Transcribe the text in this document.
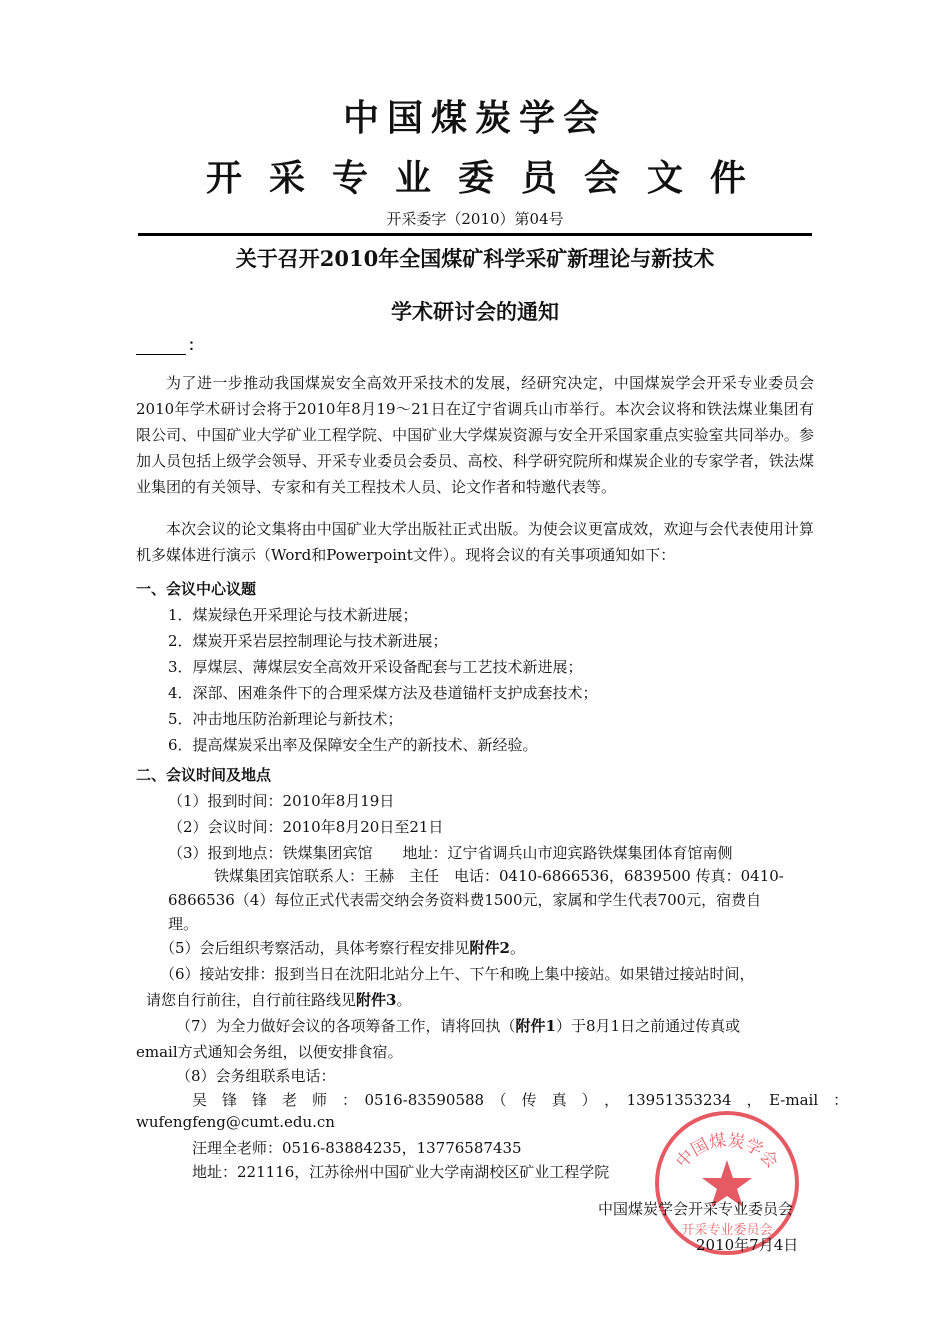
中国煤炭学会
开 采 专 业 委 员 会 文 件
开采委字（2010）第04号
关于召开2010年全国煤矿科学采矿新理论与新技术
学术研讨会的通知
：
为了进一步推动我国煤炭安全高效开采技术的发展，经研究决定，中国煤炭学会开采专业委员会2010年学术研讨会将于2010年8月19～21日在辽宁省调兵山市举行。本次会议将和铁法煤业集团有限公司、中国矿业大学矿业工程学院、中国矿业大学煤炭资源与安全开采国家重点实验室共同举办。参加人员包括上级学会领导、开采专业委员会委员、高校、科学研究院所和煤炭企业的专家学者，铁法煤业集团的有关领导、专家和有关工程技术人员、论文作者和特邀代表等。
本次会议的论文集将由中国矿业大学出版社正式出版。为使会议更富成效，欢迎与会代表使用计算机多媒体进行演示（Word和Powerpoint文件）。现将会议的有关事项通知如下：
一、会议中心议题
1．煤炭绿色开采理论与技术新进展；
2．煤炭开采岩层控制理论与技术新进展；
3．厚煤层、薄煤层安全高效开采设备配套与工艺技术新进展；
4．深部、困难条件下的合理采煤方法及巷道锚杆支护成套技术；
5．冲击地压防治新理论与新技术；
6．提高煤炭采出率及保障安全生产的新技术、新经验。
二、会议时间及地点
（1）报到时间：2010年8月19日
（2）会议时间：2010年8月20日至21日
（3）报到地点：铁煤集团宾馆　　地址：辽宁省调兵山市迎宾路铁煤集团体育馆南侧
铁煤集团宾馆联系人：王赫　主任　电话：0410-6866536，6839500 传真：0410-
6866536（4）每位正式代表需交纳会务资料费1500元，家属和学生代表700元，宿费自
理。
（5）会后组织考察活动，具体考察行程安排见附件2。
（6）接站安排：报到当日在沈阳北站分上午、下午和晚上集中接站。如果错过接站时间，
请您自行前往，自行前往路线见附件3。
（7）为全力做好会议的各项筹备工作，请将回执（附件1）于8月1日之前通过传真或
email方式通知会务组，以便安排食宿。
（8）会务组联系电话：
吴　锋　锋　老　师　：　0516-83590588　（　传　真　）　，　13951353234　，　E-mail　：
wufengfeng@cumt.edu.cn
汪理全老师：0516-83884235，13776587435
地址：221116，江苏徐州中国矿业大学南湖校区矿业工程学院	中国煤炭学会
开采专业委员会
中国煤炭学会开采专业委员会
2010年7月4日
